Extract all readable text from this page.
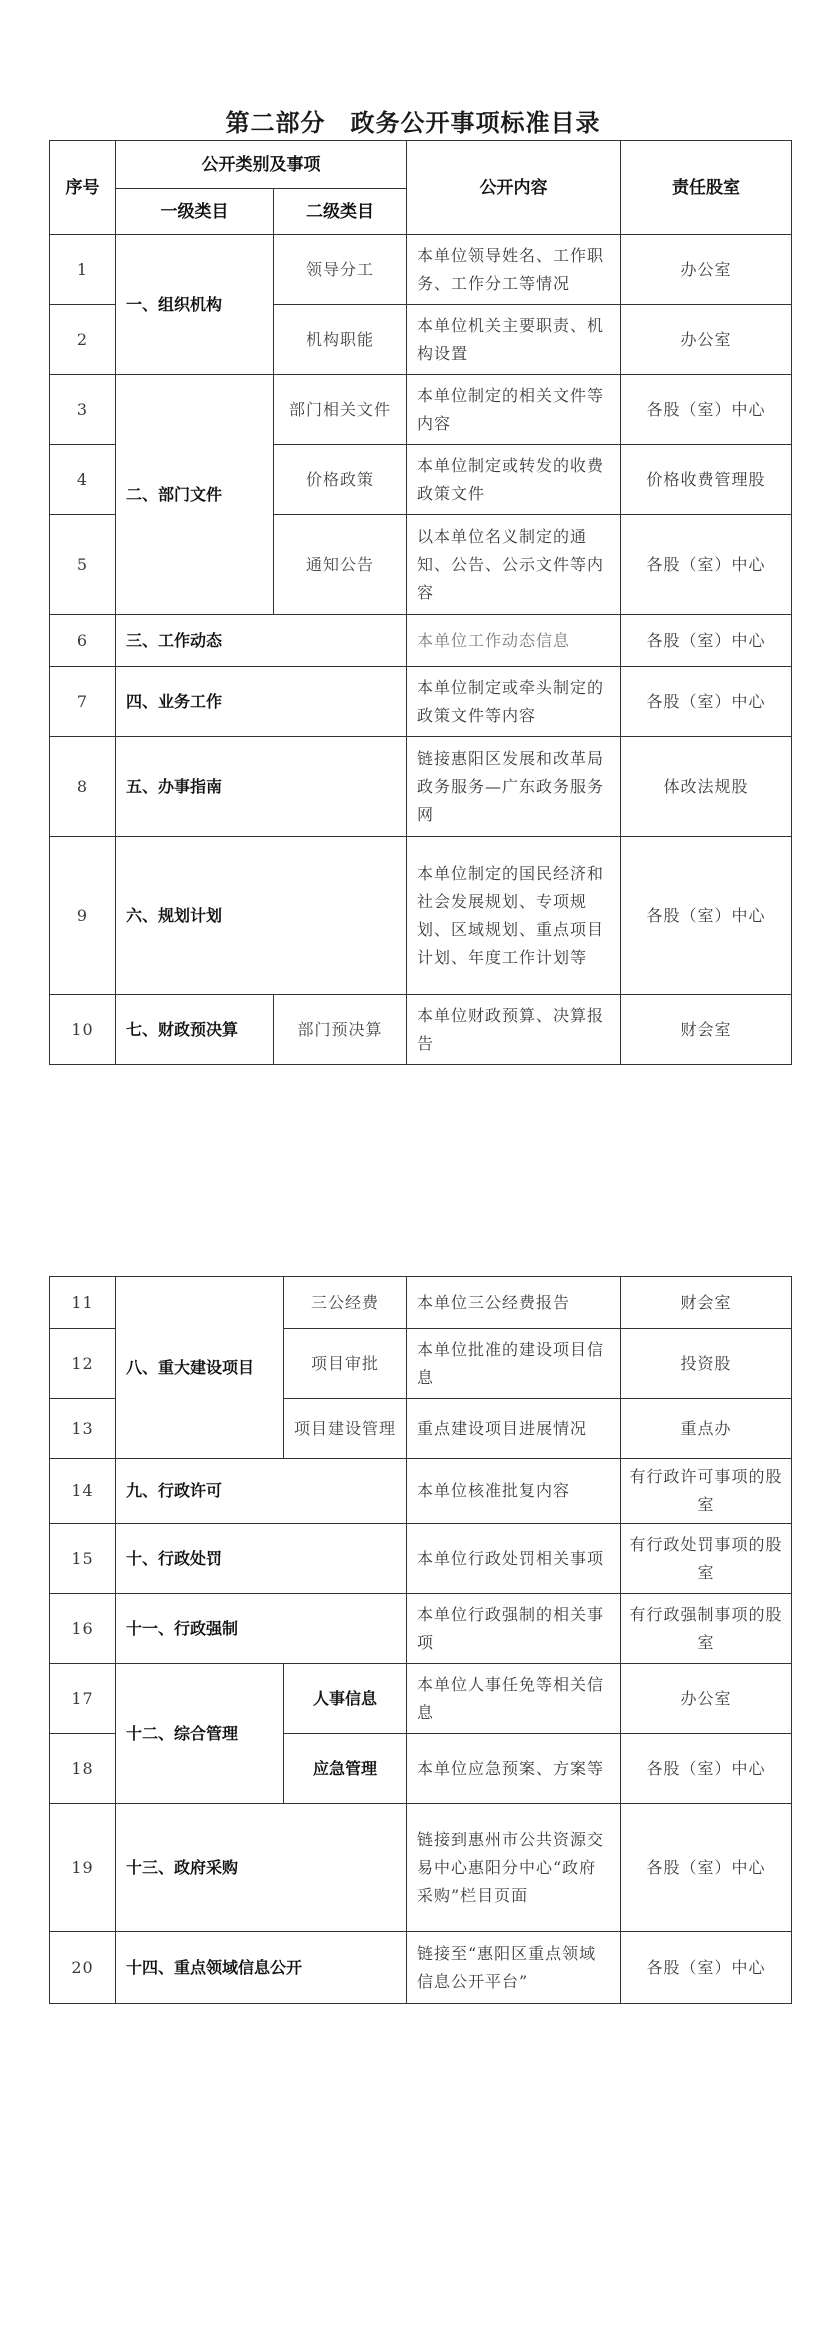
第二部分　政务公开事项标准目录
序号	公开类别及事项		公开内容	责任股室
	一级类目	二级类目		
1	一、组织机构	领导分工	本单位领导姓名、工作职务、工作分工等情况	办公室
2		机构职能	本单位机关主要职责、机构设置	办公室
3	二、部门文件	部门相关文件	本单位制定的相关文件等内容	各股（室）中心
4		价格政策	本单位制定或转发的收费政策文件	价格收费管理股
5		通知公告	以本单位名义制定的通知、公告、公示文件等内容	各股（室）中心
6	三、工作动态		本单位工作动态信息	各股（室）中心
7	四、业务工作		本单位制定或牵头制定的政策文件等内容	各股（室）中心
8	五、办事指南		链接惠阳区发展和改革局政务服务—广东政务服务网	体改法规股
9	六、规划计划		本单位制定的国民经济和社会发展规划、专项规划、区域规划、重点项目计划、年度工作计划等	各股（室）中心
10	七、财政预决算	部门预决算	本单位财政预算、决算报告	财会室
11	八、重大建设项目	三公经费	本单位三公经费报告	财会室
12		项目审批	本单位批准的建设项目信息	投资股
13		项目建设管理	重点建设项目进展情况	重点办
14	九、行政许可		本单位核准批复内容	有行政许可事项的股室
15	十、行政处罚		本单位行政处罚相关事项	有行政处罚事项的股室
16	十一、行政强制		本单位行政强制的相关事项	有行政强制事项的股室
17	十二、综合管理	人事信息	本单位人事任免等相关信息	办公室
18		应急管理	本单位应急预案、方案等	各股（室）中心
19	十三、政府采购		链接到惠州市公共资源交易中心惠阳分中心“政府采购”栏目页面	各股（室）中心
20	十四、重点领域信息公开		链接至“惠阳区重点领域信息公开平台”	各股（室）中心
